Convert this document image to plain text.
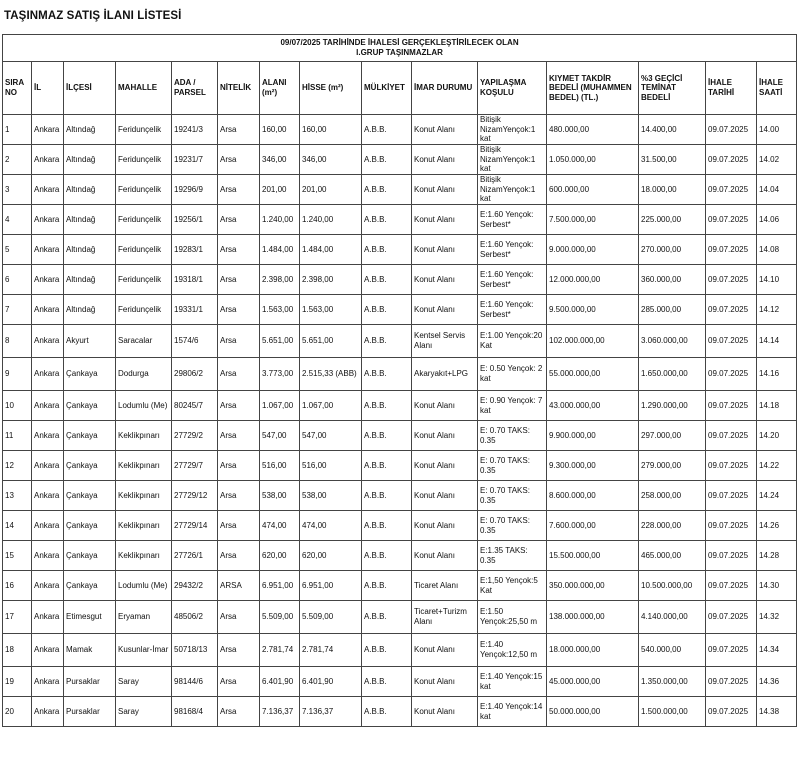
TAŞINMAZ SATIŞ İLANI LİSTESİ
09/07/2025 TARİHİNDE İHALESİ GERÇEKLEŞTİRİLECEK OLAN
I.GRUP TAŞINMAZLAR														

SIRA NO	İL	İLÇESİ	MAHALLE	ADA / PARSEL	NİTELİK	ALANI (m²)	HİSSE (m²)	MÜLKİYET	İMAR DURUMU	YAPILAŞMA KOŞULU	KIYMET TAKDİR BEDELİ (MUHAMMEN BEDEL) (TL.)	%3 GEÇİCİ TEMİNAT BEDELİ	İHALE TARİHİ	İHALE SAATİ
1	Ankara	Altındağ	Feridunçelik	19241/3	Arsa	160,00	160,00	A.B.B.	Konut Alanı	Bitişik NizamYençok:1 kat	480.000,00	14.400,00	09.07.2025	14.00
2	Ankara	Altındağ	Feridunçelik	19231/7	Arsa	346,00	346,00	A.B.B.	Konut Alanı	Bitişik NizamYençok:1 kat	1.050.000,00	31.500,00	09.07.2025	14.02
3	Ankara	Altındağ	Feridunçelik	19296/9	Arsa	201,00	201,00	A.B.B.	Konut Alanı	Bitişik NizamYençok:1 kat	600.000,00	18.000,00	09.07.2025	14.04
4	Ankara	Altındağ	Feridunçelik	19256/1	Arsa	1.240,00	1.240,00	A.B.B.	Konut Alanı	E:1.60 Yençok: Serbest*	7.500.000,00	225.000,00	09.07.2025	14.06
5	Ankara	Altındağ	Feridunçelik	19283/1	Arsa	1.484,00	1.484,00	A.B.B.	Konut Alanı	E:1.60 Yençok: Serbest*	9.000.000,00	270.000,00	09.07.2025	14.08
6	Ankara	Altındağ	Feridunçelik	19318/1	Arsa	2.398,00	2.398,00	A.B.B.	Konut Alanı	E:1.60 Yençok: Serbest*	12.000.000,00	360.000,00	09.07.2025	14.10
7	Ankara	Altındağ	Feridunçelik	19331/1	Arsa	1.563,00	1.563,00	A.B.B.	Konut Alanı	E:1.60 Yençok: Serbest*	9.500.000,00	285.000,00	09.07.2025	14.12
8	Ankara	Akyurt	Saracalar	1574/6	Arsa	5.651,00	5.651,00	A.B.B.	Kentsel Servis Alanı	E:1.00 Yençok:20 Kat	102.000.000,00	3.060.000,00	09.07.2025	14.14
9	Ankara	Çankaya	Dodurga	29806/2	Arsa	3.773,00	2.515,33 (ABB)	A.B.B.	Akaryakıt+LPG	E: 0.50 Yençok: 2 kat	55.000.000,00	1.650.000,00	09.07.2025	14.16
10	Ankara	Çankaya	Lodumlu (Me)	80245/7	Arsa	1.067,00	1.067,00	A.B.B.	Konut Alanı	E: 0.90 Yençok: 7 kat	43.000.000,00	1.290.000,00	09.07.2025	14.18
11	Ankara	Çankaya	Keklikpınarı	27729/2	Arsa	547,00	547,00	A.B.B.	Konut Alanı	E: 0.70 TAKS: 0.35	9.900.000,00	297.000,00	09.07.2025	14.20
12	Ankara	Çankaya	Keklikpınarı	27729/7	Arsa	516,00	516,00	A.B.B.	Konut Alanı	E: 0.70 TAKS: 0.35	9.300.000,00	279.000,00	09.07.2025	14.22
13	Ankara	Çankaya	Keklikpınarı	27729/12	Arsa	538,00	538,00	A.B.B.	Konut Alanı	E: 0.70 TAKS: 0.35	8.600.000,00	258.000,00	09.07.2025	14.24
14	Ankara	Çankaya	Keklikpınarı	27729/14	Arsa	474,00	474,00	A.B.B.	Konut Alanı	E: 0.70 TAKS: 0.35	7.600.000,00	228.000,00	09.07.2025	14.26
15	Ankara	Çankaya	Keklikpınarı	27726/1	Arsa	620,00	620,00	A.B.B.	Konut Alanı	E:1.35 TAKS: 0.35	15.500.000,00	465.000,00	09.07.2025	14.28
16	Ankara	Çankaya	Lodumlu (Me)	29432/2	ARSA	6.951,00	6.951,00	A.B.B.	Ticaret Alanı	E:1,50 Yençok:5 Kat	350.000.000,00	10.500.000,00	09.07.2025	14.30
17	Ankara	Etimesgut	Eryaman	48506/2	Arsa	5.509,00	5.509,00	A.B.B.	Ticaret+Turizm Alanı	E:1.50 Yençok:25,50 m	138.000.000,00	4.140.000,00	09.07.2025	14.32
18	Ankara	Mamak	Kusunlar-İmar	50718/13	Arsa	2.781,74	2.781,74	A.B.B.	Konut Alanı	E:1.40 Yençok:12,50 m	18.000.000,00	540.000,00	09.07.2025	14.34
19	Ankara	Pursaklar	Saray	98144/6	Arsa	6.401,90	6.401,90	A.B.B.	Konut Alanı	E:1.40 Yençok:15 kat	45.000.000,00	1.350.000,00	09.07.2025	14.36
20	Ankara	Pursaklar	Saray	98168/4	Arsa	7.136,37	7.136,37	A.B.B.	Konut Alanı	E:1.40 Yençok:14 kat	50.000.000,00	1.500.000,00	09.07.2025	14.38
